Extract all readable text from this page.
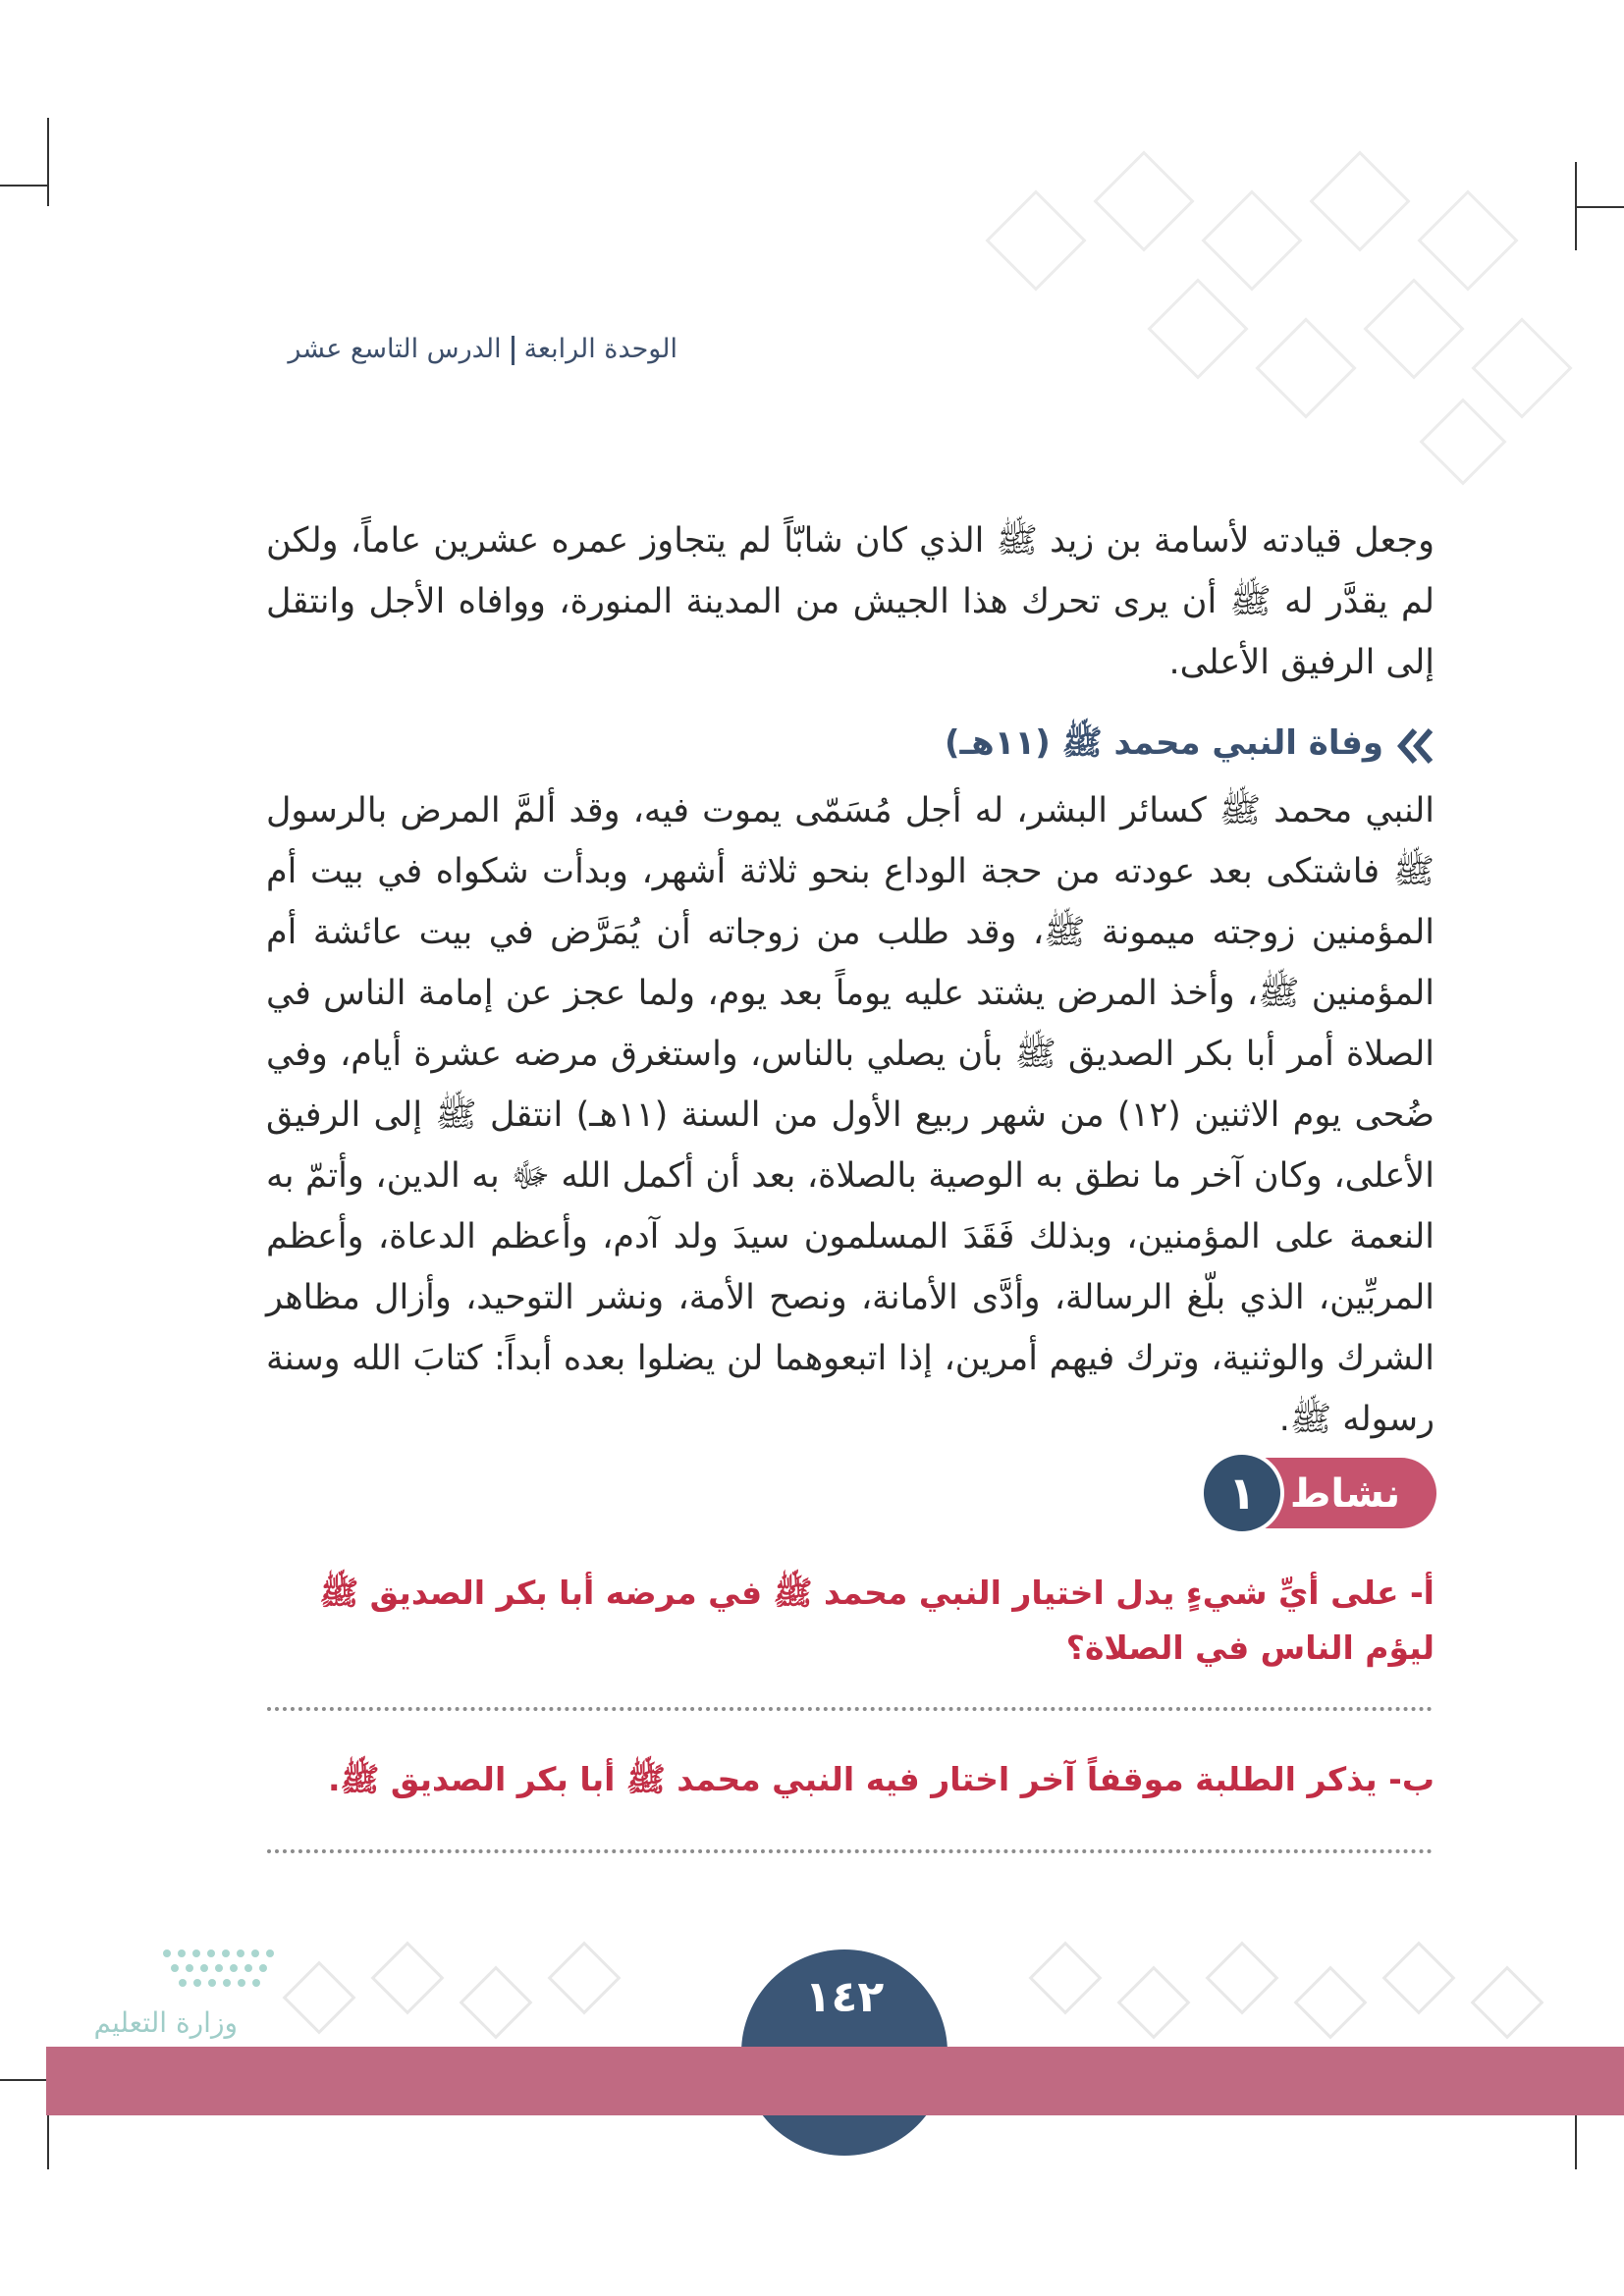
الوحدة الرابعةالدرس التاسع عشر
وجعل قيادته لأسامة بن زيد ﷺ الذي كان شابّاً لم يتجاوز عمره عشرين عاماً، ولكن لم يقدَّر له ﷺ أن يرى تحرك هذا الجيش من المدينة المنورة، ووافاه الأجل وانتقل إلى الرفيق الأعلى.
وفاة النبي محمد ﷺ (١١هـ)
النبي محمد ﷺ كسائر البشر، له أجل مُسَمّى يموت فيه، وقد ألمَّ المرض بالرسول ﷺ فاشتكى بعد عودته من حجة الوداع بنحو ثلاثة أشهر، وبدأت شكواه في بيت أم المؤمنين زوجته ميمونة ﷺ، وقد طلب من زوجاته أن يُمَرَّض في بيت عائشة أم المؤمنين ﷺ، وأخذ المرض يشتد عليه يوماً بعد يوم، ولما عجز عن إمامة الناس في الصلاة أمر أبا بكر الصديق ﷺ بأن يصلي بالناس، واستغرق مرضه عشرة أيام، وفي ضُحى يوم الاثنين (١٢) من شهر ربيع الأول من السنة (١١هـ) انتقل ﷺ إلى الرفيق الأعلى، وكان آخر ما نطق به الوصية بالصلاة، بعد أن أكمل الله ﷻ به الدين، وأتمّ به النعمة على المؤمنين، وبذلك فَقَدَ المسلمون سيدَ ولد آدم، وأعظم الدعاة، وأعظم المربِّين، الذي بلّغ الرسالة، وأدَّى الأمانة، ونصح الأمة، ونشر التوحيد، وأزال مظاهر الشرك والوثنية، وترك فيهم أمرين، إذا اتبعوهما لن يضلوا بعده أبداً: كتابَ الله وسنة رسوله ﷺ.
نشاط
١
أ- على أيِّ شيءٍ يدل اختيار النبي محمد ﷺ في مرضه أبا بكر الصديق ﷺ ليؤم الناس في الصلاة؟
ب- يذكر الطلبة موقفاً آخر اختار فيه النبي محمد ﷺ أبا بكر الصديق ﷺ.
١٤٢
وزارة التعليم
